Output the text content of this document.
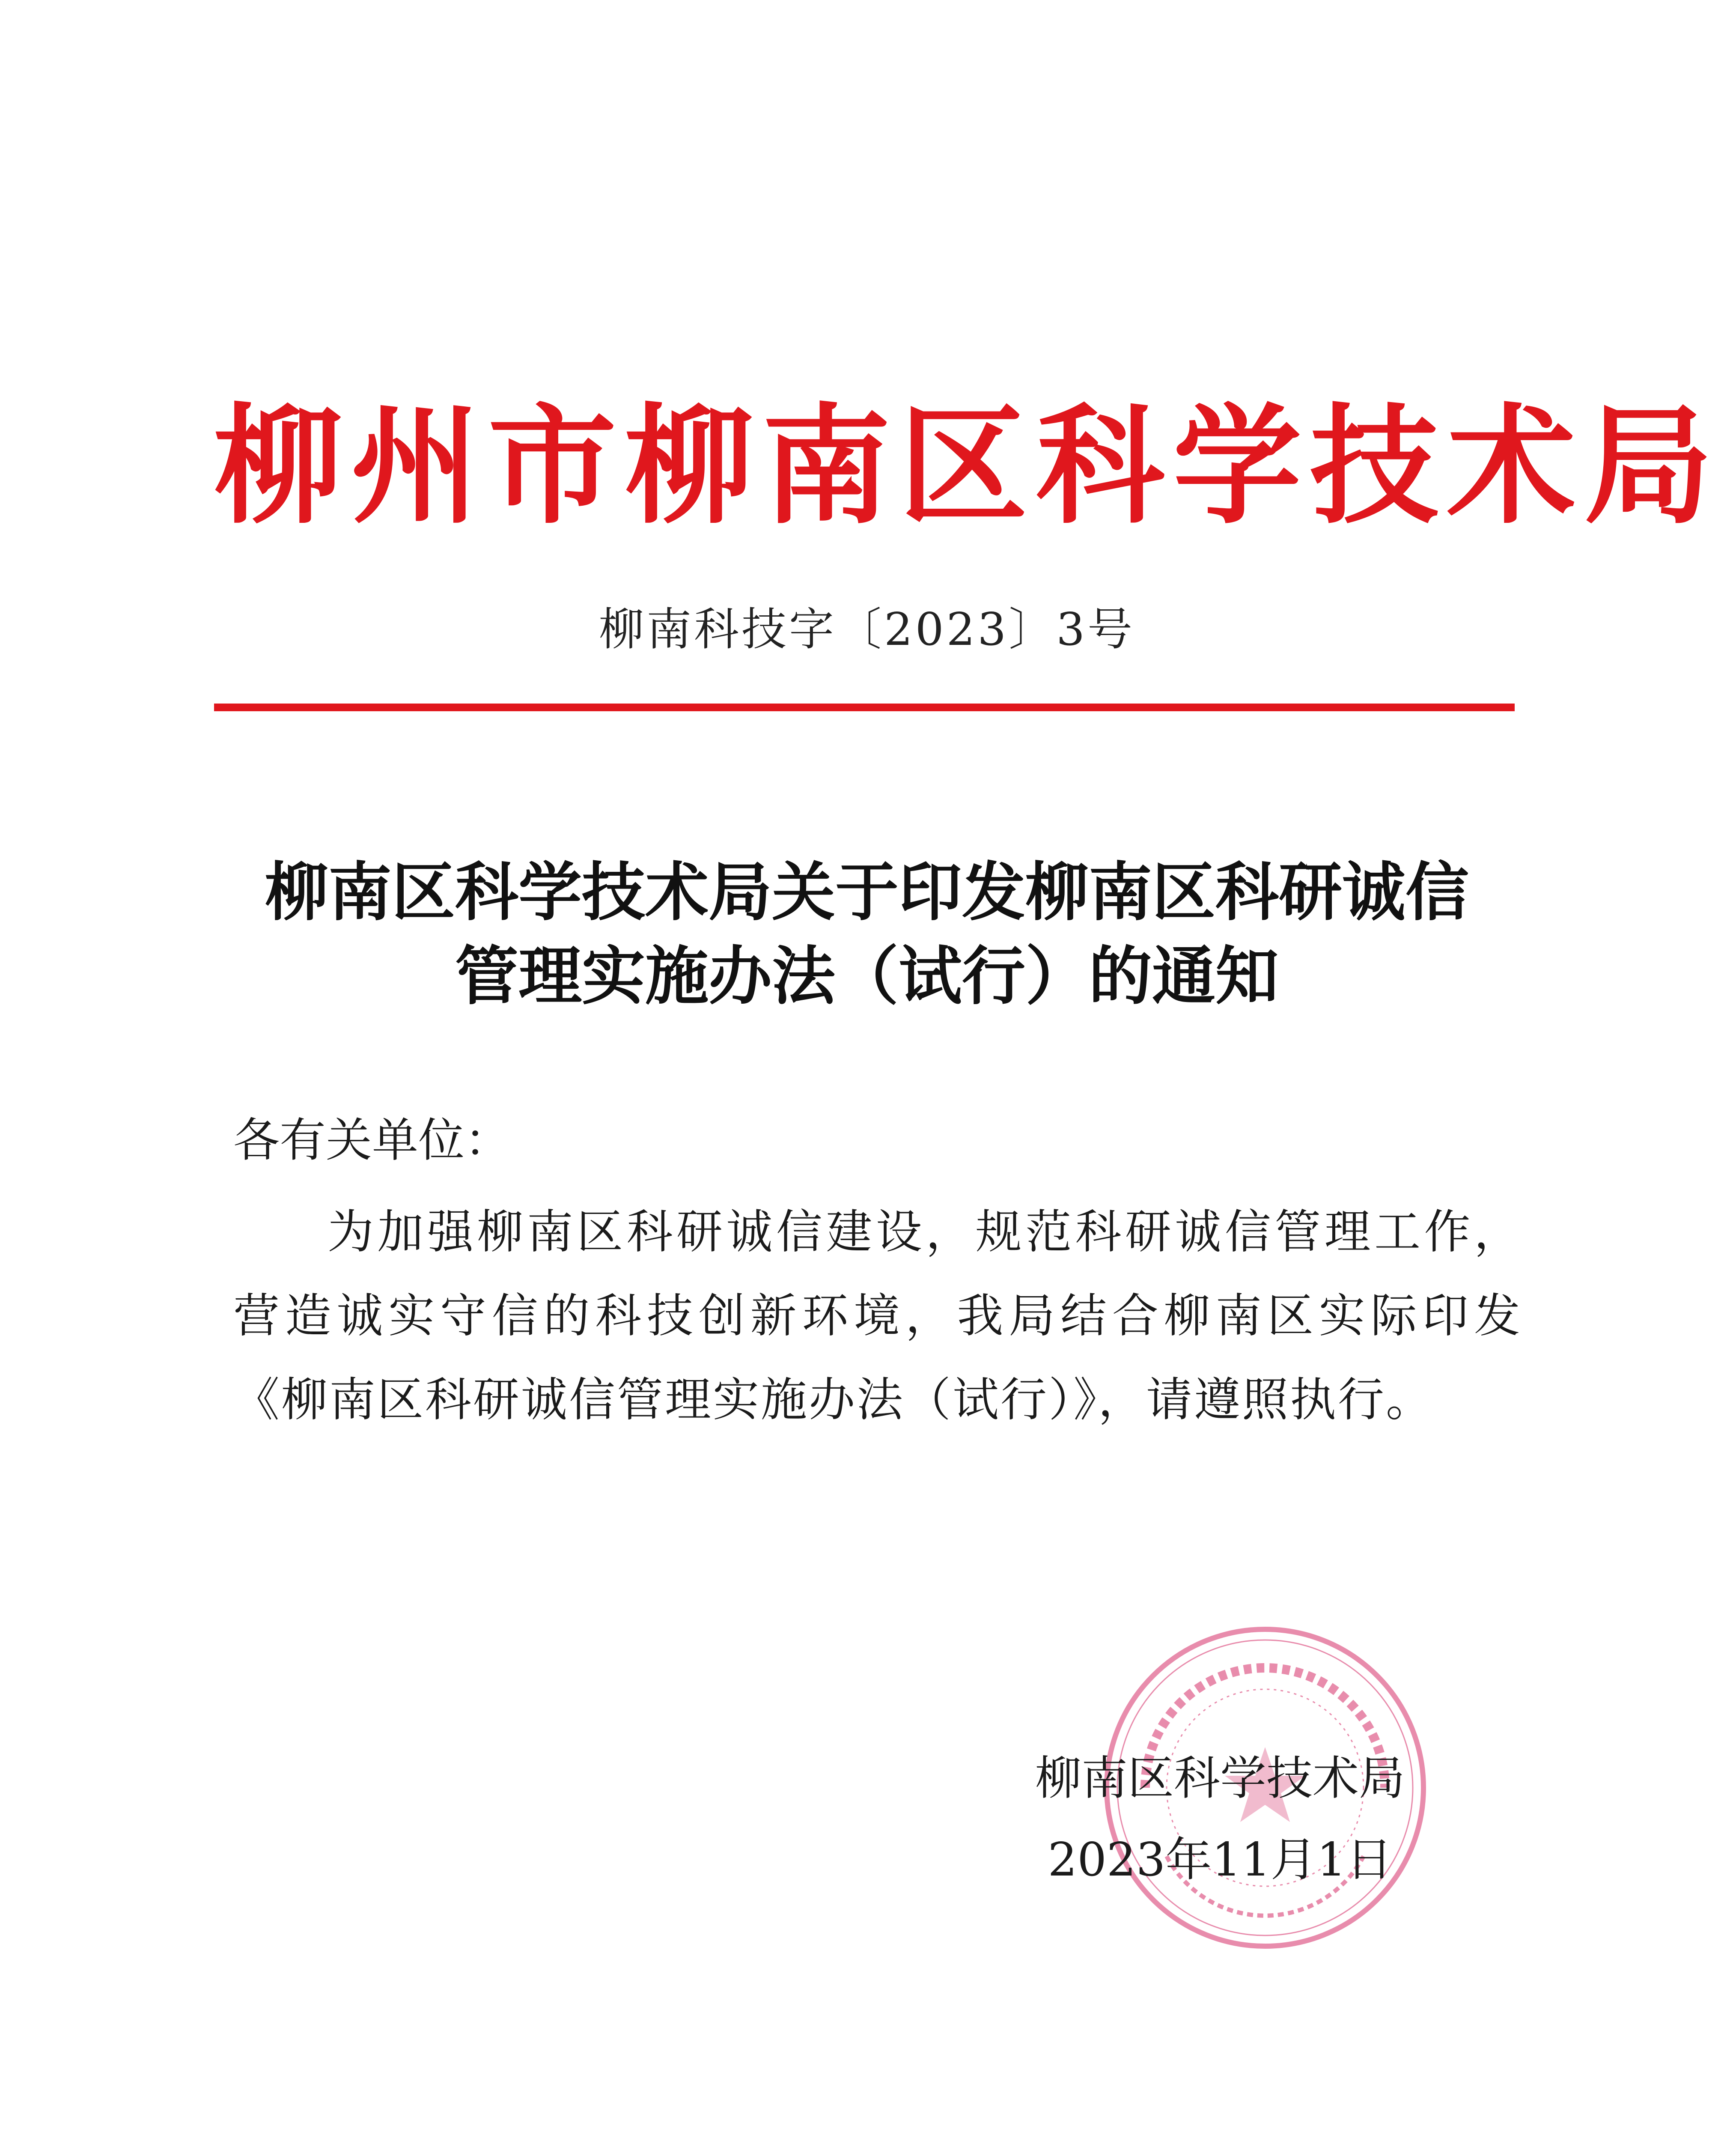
柳州市柳南区科学技术局
柳南科技字〔2023〕3号
柳南区科学技术局关于印发柳南区科研诚信
管理实施办法（试行）的通知
各有关单位：
为加强柳南区科研诚信建设，规范科研诚信管理工作，营造诚实守信的科技创新环境，我局结合柳南区实际印发《柳南区科研诚信管理实施办法（试行）》，请遵照执行。
柳南区科学技术局
2023年11月1日
